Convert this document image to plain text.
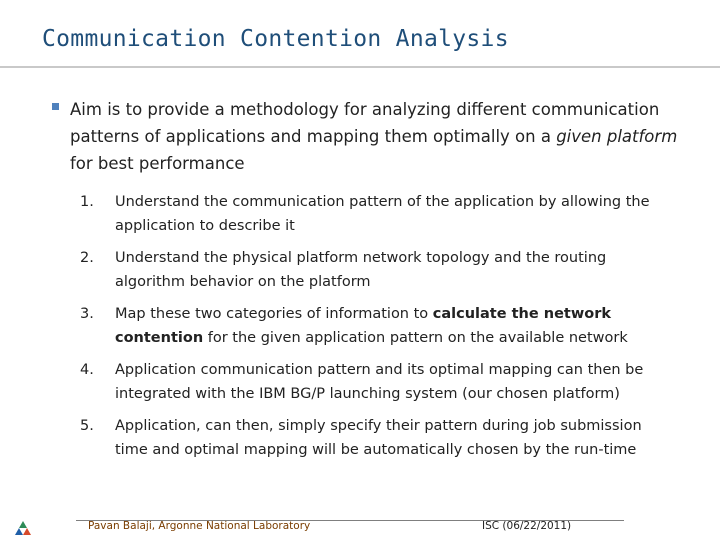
Communication Contention Analysis
Aim is to provide a methodology for analyzing different communication patterns of applications and mapping them optimally on a given platform for best performance
1. Understand the communication pattern of the application by allowing the application to describe it
2. Understand the physical platform network topology and the routing algorithm behavior on the platform
3. Map these two categories of information to calculate the network contention for the given application pattern on the available network
4. Application communication pattern and its optimal mapping can then be integrated with the IBM BG/P launching system (our chosen platform)
5. Application, can then, simply specify their pattern during job submission time and optimal mapping will be automatically chosen by the run-time
Pavan Balaji, Argonne National Laboratory	ISC (06/22/2011)
